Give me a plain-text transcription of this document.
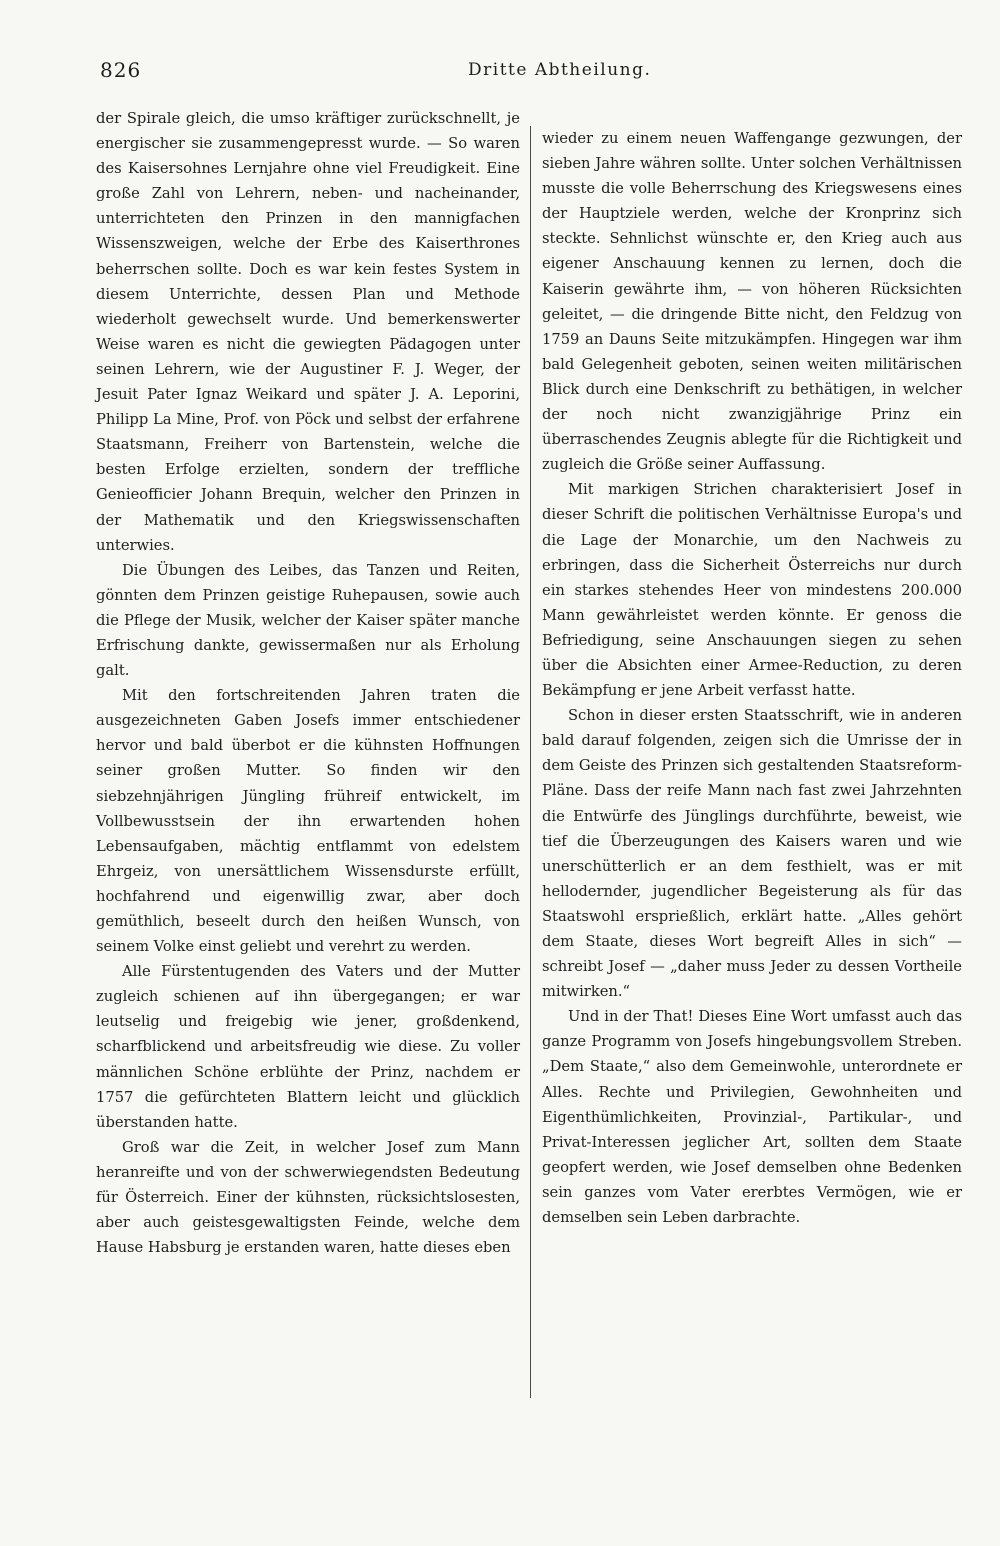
826	Dritte Abtheilung.

der Spirale gleich, die umso kräftiger zurückschnellt, je energischer sie zusammengepresst wurde. — So waren des Kaisersohnes Lernjahre ohne viel Freudigkeit. Eine große Zahl von Lehrern, neben- und nacheinander, unterrichteten den Prinzen in den mannigfachen Wissenszweigen, welche der Erbe des Kaiserthrones beherrschen sollte. Doch es war kein festes System in diesem Unterrichte, dessen Plan und Methode wiederholt gewechselt wurde. Und bemerkenswerter Weise waren es nicht die gewiegten Pädagogen unter seinen Lehrern, wie der Augustiner F. J. Weger, der Jesuit Pater Ignaz Weikard und später J. A. Leporini, Philipp La Mine, Prof. von Pöck und selbst der erfahrene Staatsmann, Freiherr von Bartenstein, welche die besten Erfolge erzielten, sondern der treffliche Genieofficier Johann Brequin, welcher den Prinzen in der Mathematik und den Kriegswissenschaften unterwies.

Die Übungen des Leibes, das Tanzen und Reiten, gönnten dem Prinzen geistige Ruhepausen, sowie auch die Pflege der Musik, welcher der Kaiser später manche Erfrischung dankte, gewissermaßen nur als Erholung galt.

Mit den fortschreitenden Jahren traten die ausgezeichneten Gaben Josefs immer entschiedener hervor und bald überbot er die kühnsten Hoffnungen seiner großen Mutter. So finden wir den siebzehnjährigen Jüngling frühreif entwickelt, im Vollbewusstsein der ihn erwartenden hohen Lebensaufgaben, mächtig entflammt von edelstem Ehrgeiz, von unersättlichem Wissensdurste erfüllt, hochfahrend und eigenwillig zwar, aber doch gemüthlich, beseelt durch den heißen Wunsch, von seinem Volke einst geliebt und verehrt zu werden.

Alle Fürstentugenden des Vaters und der Mutter zugleich schienen auf ihn übergegangen; er war leutselig und freigebig wie jener, großdenkend, scharfblickend und arbeitsfreudig wie diese. Zu voller männlichen Schöne erblühte der Prinz, nachdem er 1757 die gefürchteten Blattern leicht und glücklich überstanden hatte.

Groß war die Zeit, in welcher Josef zum Mann heranreifte und von der schwerwiegendsten Bedeutung für Österreich. Einer der kühnsten, rücksichtslosesten, aber auch geistesgewaltigsten Feinde, welche dem Hause Habsburg je erstanden waren, hatte dieses eben

wieder zu einem neuen Waffengange gezwungen, der sieben Jahre währen sollte. Unter solchen Verhältnissen musste die volle Beherrschung des Kriegswesens eines der Hauptziele werden, welche der Kronprinz sich steckte. Sehnlichst wünschte er, den Krieg auch aus eigener Anschauung kennen zu lernen, doch die Kaiserin gewährte ihm, — von höheren Rücksichten geleitet, — die dringende Bitte nicht, den Feldzug von 1759 an Dauns Seite mitzukämpfen. Hingegen war ihm bald Gelegenheit geboten, seinen weiten militärischen Blick durch eine Denkschrift zu bethätigen, in welcher der noch nicht zwanzigjährige Prinz ein überraschendes Zeugnis ablegte für die Richtigkeit und zugleich die Größe seiner Auffassung.

Mit markigen Strichen charakterisiert Josef in dieser Schrift die politischen Verhältnisse Europa's und die Lage der Monarchie, um den Nachweis zu erbringen, dass die Sicherheit Österreichs nur durch ein starkes stehendes Heer von mindestens 200.000 Mann gewährleistet werden könnte. Er genoss die Befriedigung, seine Anschauungen siegen zu sehen über die Absichten einer Armee-Reduction, zu deren Bekämpfung er jene Arbeit verfasst hatte.

Schon in dieser ersten Staatsschrift, wie in anderen bald darauf folgenden, zeigen sich die Umrisse der in dem Geiste des Prinzen sich gestaltenden Staatsreform-Pläne. Dass der reife Mann nach fast zwei Jahrzehnten die Entwürfe des Jünglings durchführte, beweist, wie tief die Überzeugungen des Kaisers waren und wie unerschütterlich er an dem festhielt, was er mit hellodernder, jugendlicher Begeisterung als für das Staatswohl ersprießlich, erklärt hatte. „Alles gehört dem Staate, dieses Wort begreift Alles in sich“ — schreibt Josef — „daher muss Jeder zu dessen Vortheile mitwirken.“

Und in der That! Dieses Eine Wort umfasst auch das ganze Programm von Josefs hingebungsvollem Streben. „Dem Staate,“ also dem Gemeinwohle, unterordnete er Alles. Rechte und Privilegien, Gewohnheiten und Eigenthümlichkeiten, Provinzial-, Partikular-, und Privat-Interessen jeglicher Art, sollten dem Staate geopfert werden, wie Josef demselben ohne Bedenken sein ganzes vom Vater ererbtes Vermögen, wie er demselben sein Leben darbrachte.
